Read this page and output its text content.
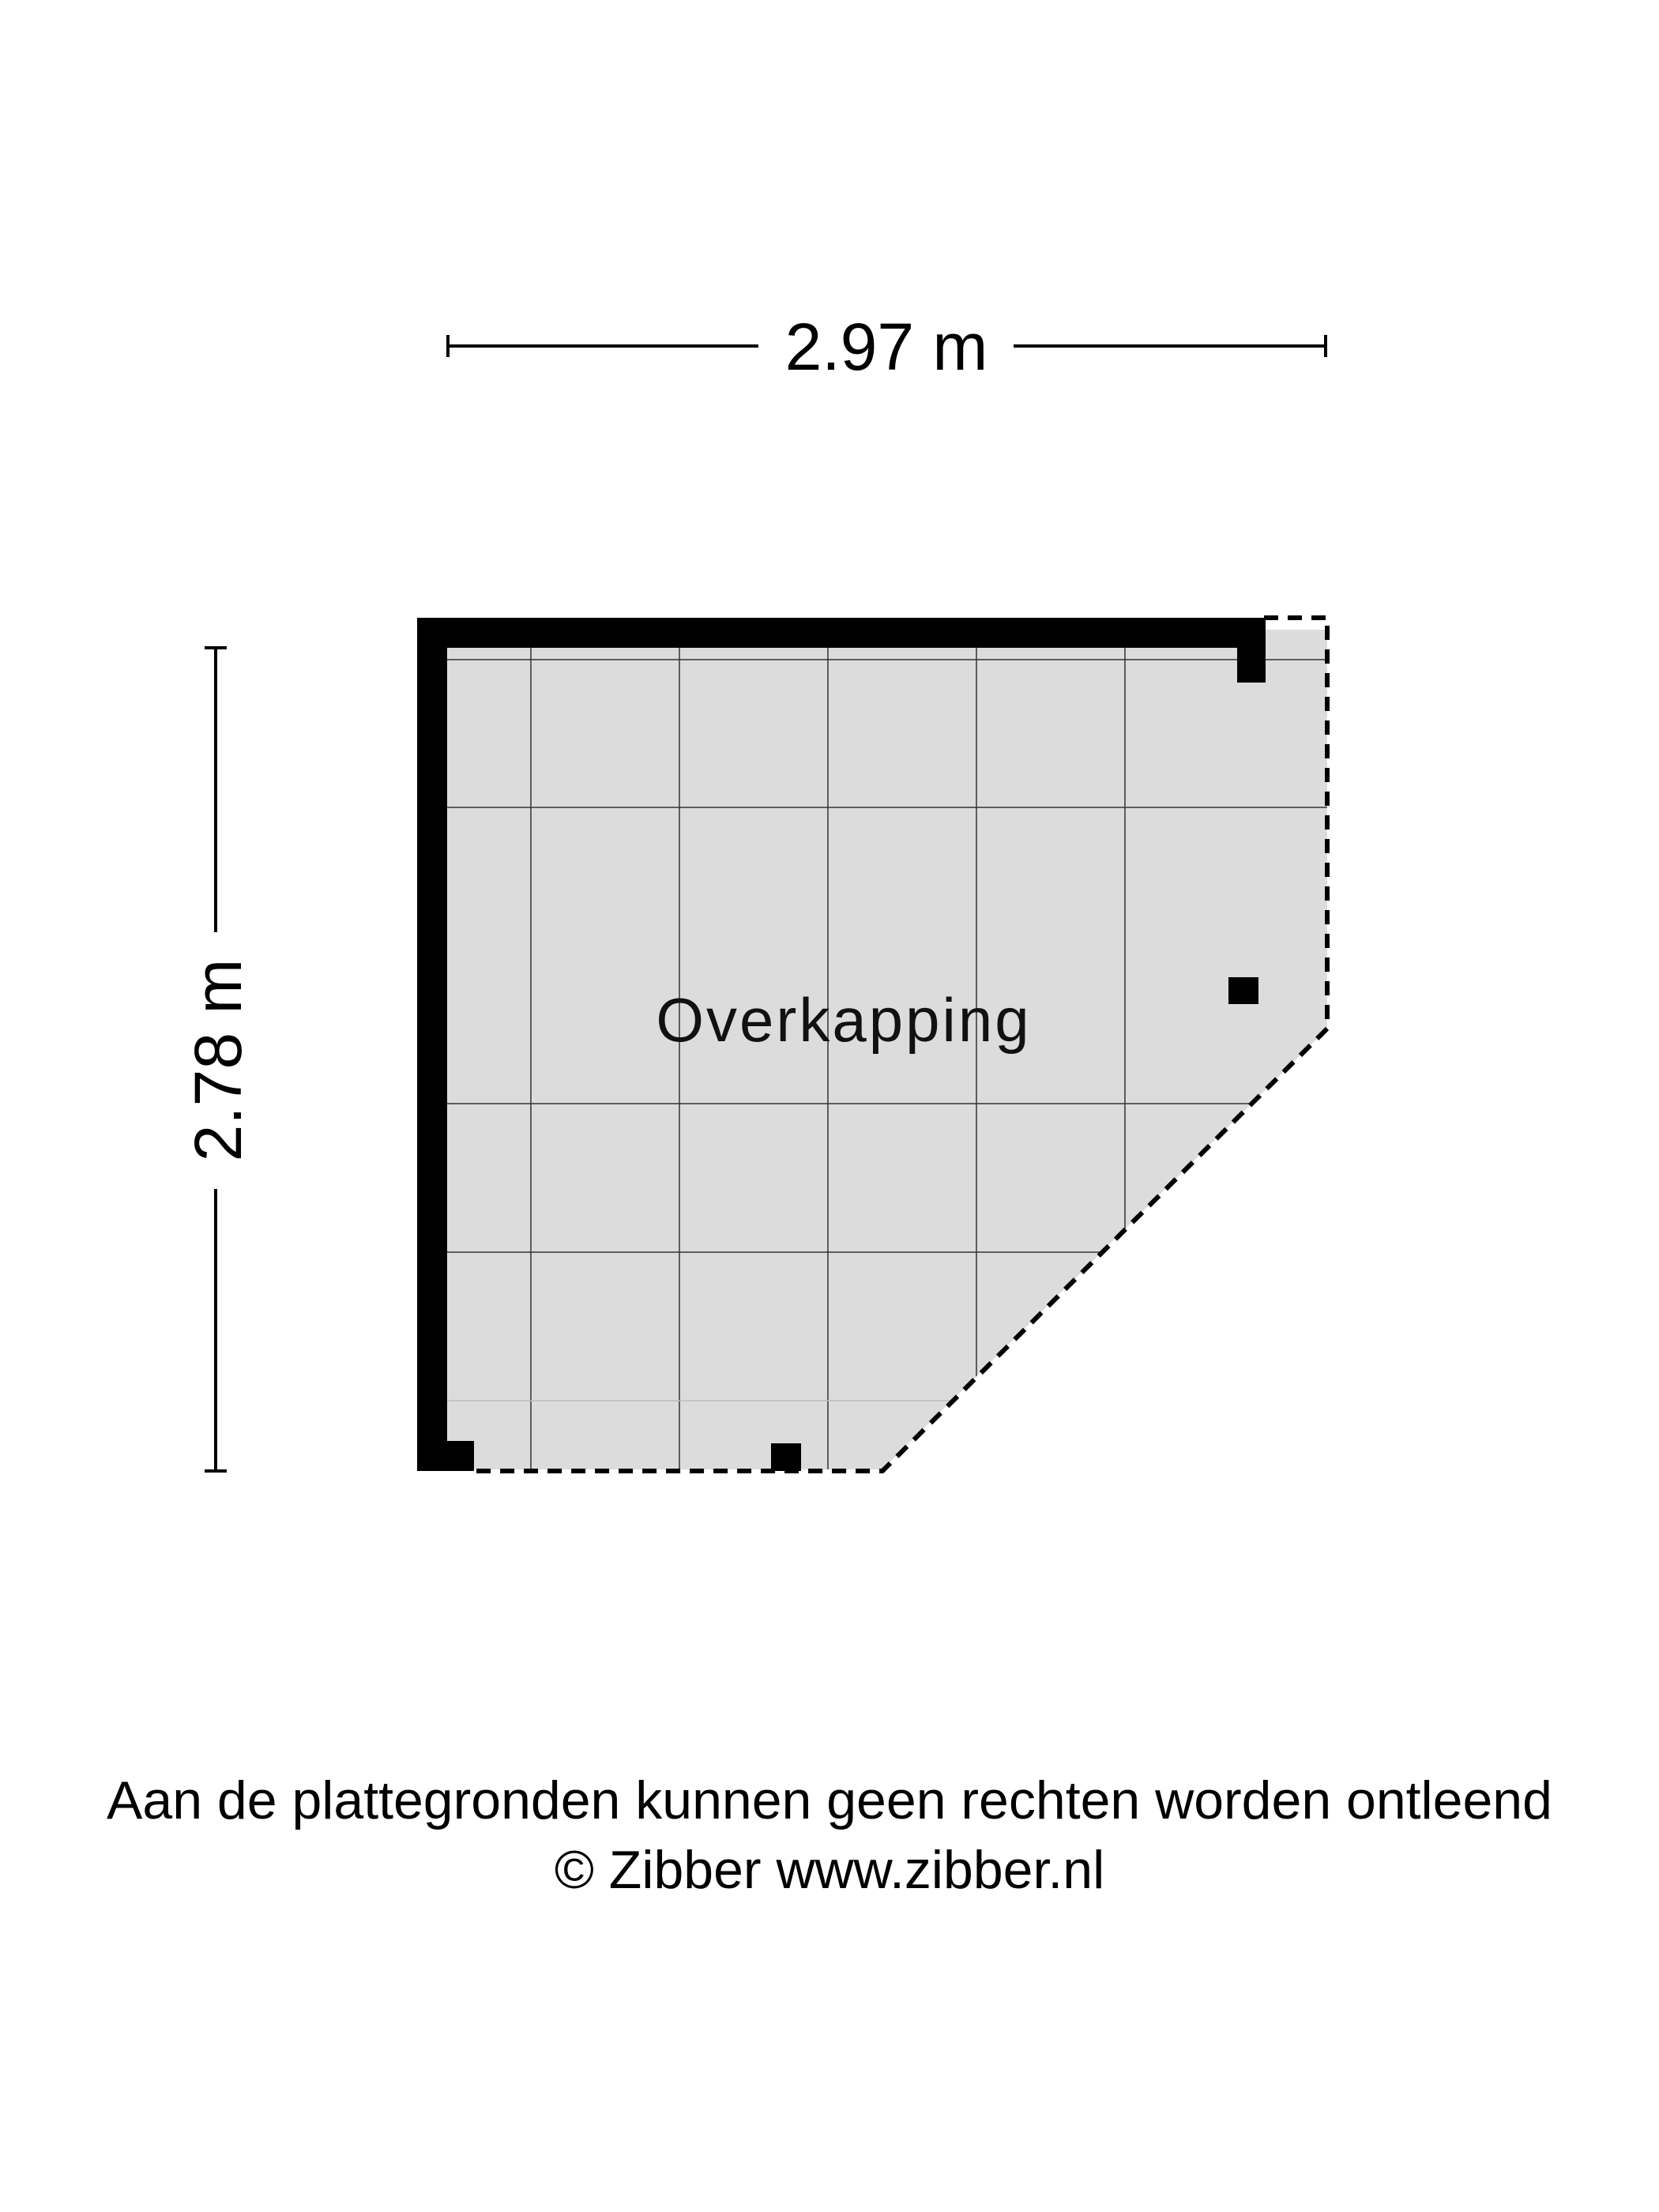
2.97 m
2.78 m	Overkapping

Aan de plattegronden kunnen geen rechten worden ontleend

© Zibber www.zibber.nl
